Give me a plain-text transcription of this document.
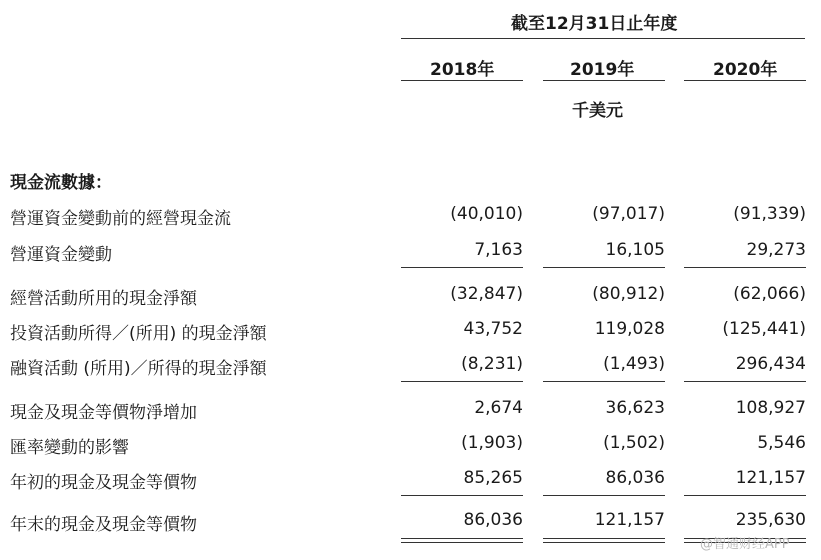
截至12月31日止年度
2018年	2019年	2020年
千美元
現金流數據：
營運資金變動前的經營現金流	(40,010)	(97,017)	(91,339)
營運資金變動	7,163	16,105	29,273
經營活動所用的現金淨額	(32,847)	(80,912)	(62,066)
投資活動所得／(所用) 的現金淨額	43,752	119,028	(125,441)
融資活動 (所用)／所得的現金淨額	(8,231)	(1,493)	296,434
現金及現金等價物淨增加	2,674	36,623	108,927
匯率變動的影響	(1,903)	(1,502)	5,546
年初的現金及現金等價物	85,265	86,036	121,157
年末的現金及現金等價物	86,036	121,157	235,630
@智通财经APP
